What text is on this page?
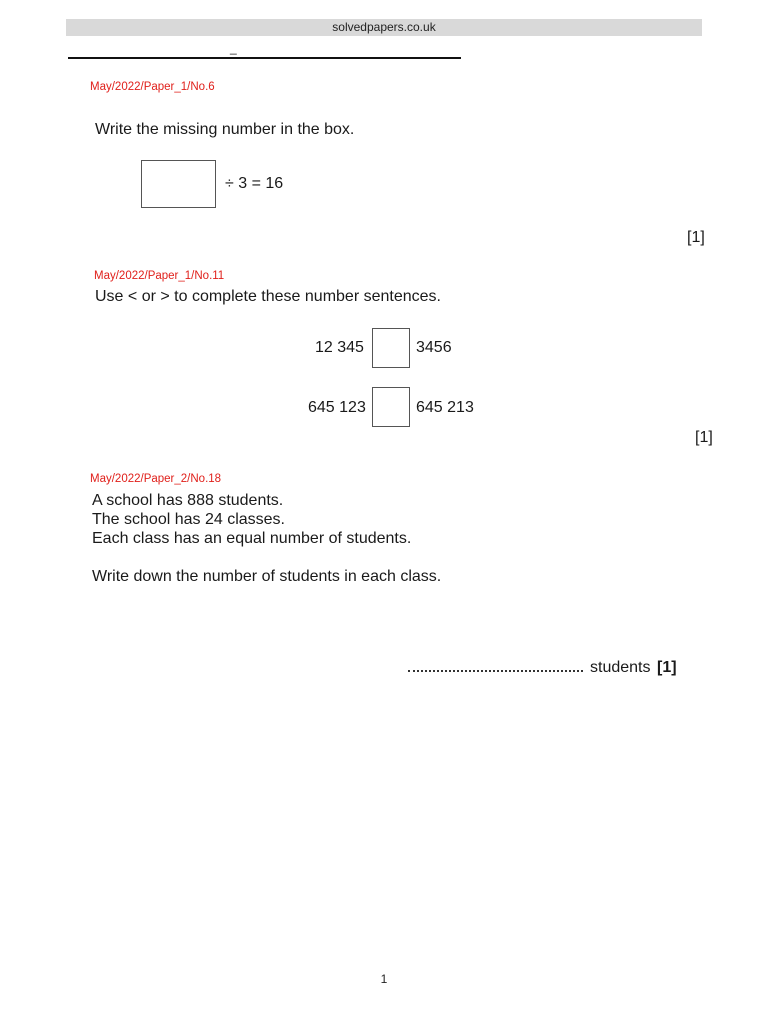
solvedpapers.co.uk
_
May/2022/Paper_1/No.6
Write the missing number in the box.
÷ 3 = 16
[1]
May/2022/Paper_1/No.11
Use < or > to complete these number sentences.
12 345	3456
645 123	645 213
[1]
May/2022/Paper_2/No.18
A school has 888 students.
The school has 24 classes.
Each class has an equal number of students.
Write down the number of students in each class.
students [1]
1
